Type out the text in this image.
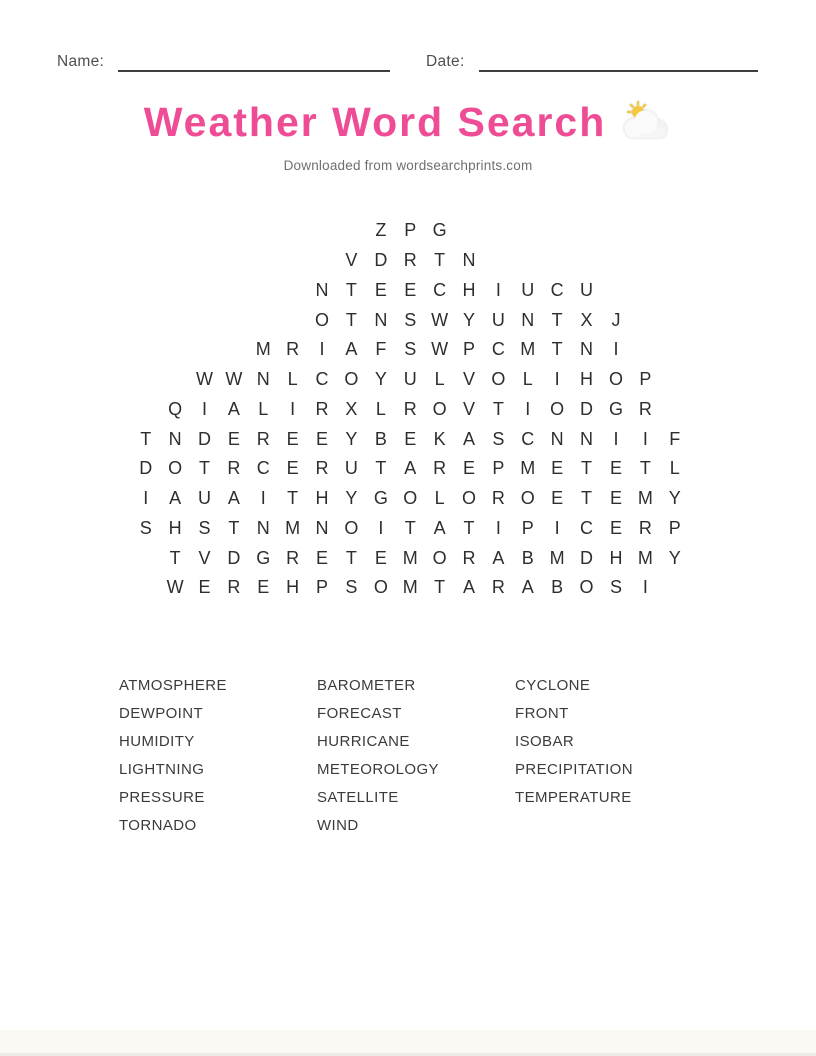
Name:	Date:
Weather Word Search
Downloaded from wordsearchprints.com
Z P G
V D R T N
N T E E C H	I	U C U
O T N S W Y U N T X	J
M R	I	A F S W P C M T N	I
W W N L C O Y U L	V O L	I	H O P
Q	I	A	L	I	R X	L R O V T	I	O D G R
T N D E R E E Y B E K A S C N N	I	I	F
D O T R C E R U T A R E P M E T E T	L
I	A U A	I	T H Y G O L O R O E T E M Y
S H S T N M N O	I	T A T	I	P	I	C E R P
T V D G R E T E M O R A B M D H M Y
W E R E H P S O M T A R A B O S	I
ATMOSPHERE
DEWPOINT
HUMIDITY
LIGHTNING
PRESSURE
TORNADO
BAROMETER
FORECAST
HURRICANE
METEOROLOGY
SATELLITE
WIND
CYCLONE
FRONT
ISOBAR
PRECIPITATION
TEMPERATURE
